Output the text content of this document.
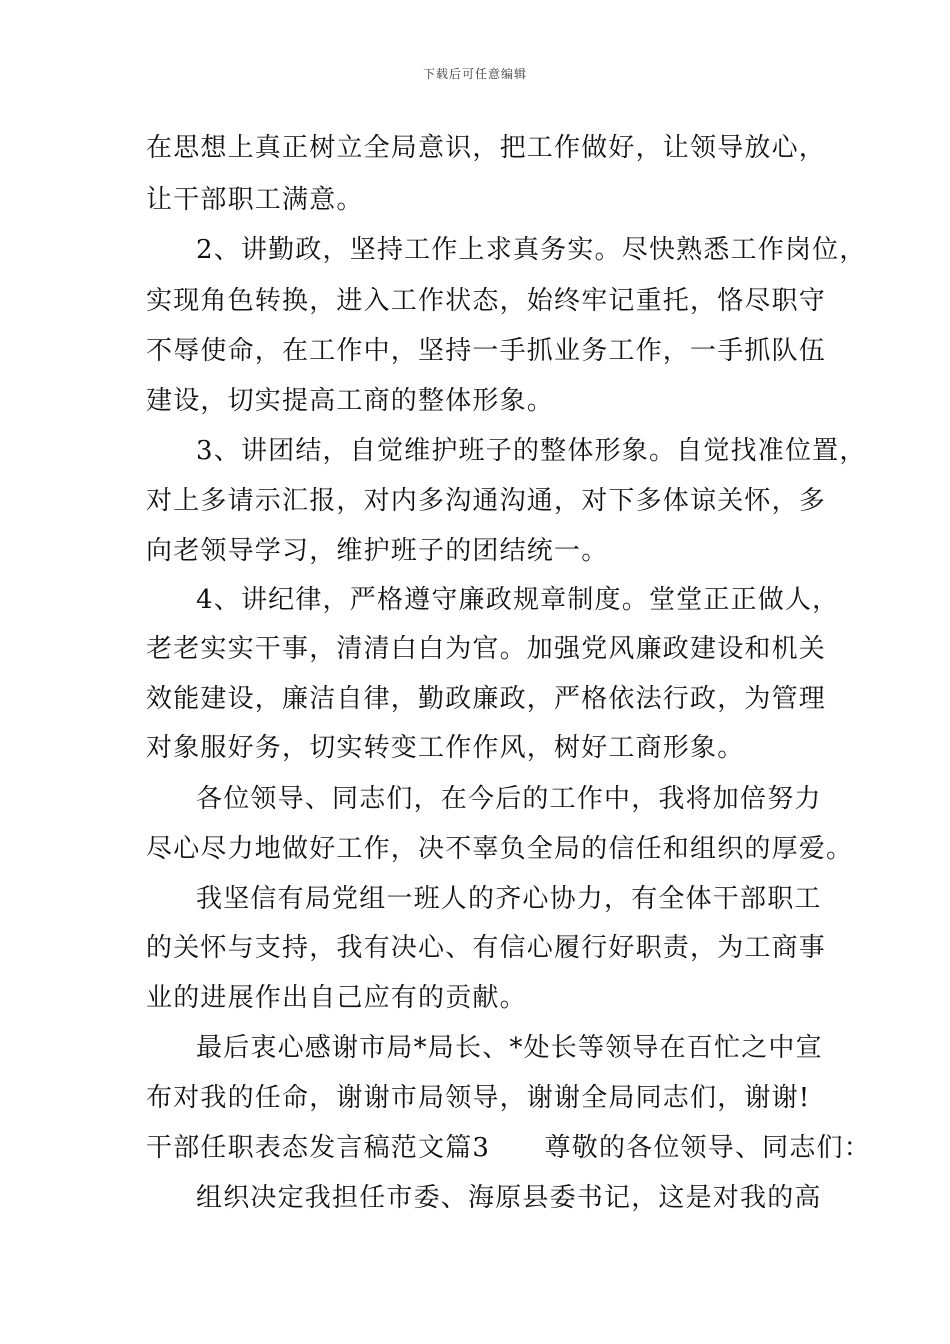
下载后可任意编辑
在思想上真正树立全局意识，把工作做好，让领导放心，
让干部职工满意。
2、讲勤政，坚持工作上求真务实。尽快熟悉工作岗位，
实现角色转换，进入工作状态，始终牢记重托，恪尽职守
不辱使命，在工作中，坚持一手抓业务工作，一手抓队伍
建设，切实提高工商的整体形象。
3、讲团结，自觉维护班子的整体形象。自觉找准位置，
对上多请示汇报，对内多沟通沟通，对下多体谅关怀，多
向老领导学习，维护班子的团结统一。
4、讲纪律，严格遵守廉政规章制度。堂堂正正做人，
老老实实干事，清清白白为官。加强党风廉政建设和机关
效能建设，廉洁自律，勤政廉政，严格依法行政，为管理
对象服好务，切实转变工作作风，树好工商形象。
各位领导、同志们，在今后的工作中，我将加倍努力
尽心尽力地做好工作，决不辜负全局的信任和组织的厚爱。
我坚信有局党组一班人的齐心协力，有全体干部职工
的关怀与支持，我有决心、有信心履行好职责，为工商事
业的进展作出自己应有的贡献。
最后衷心感谢市局*局长、*处长等领导在百忙之中宣
布对我的任命，谢谢市局领导，谢谢全局同志们，谢谢!
干部任职表态发言稿范文篇3　　尊敬的各位领导、同志们：
组织决定我担任市委、海原县委书记，这是对我的高
